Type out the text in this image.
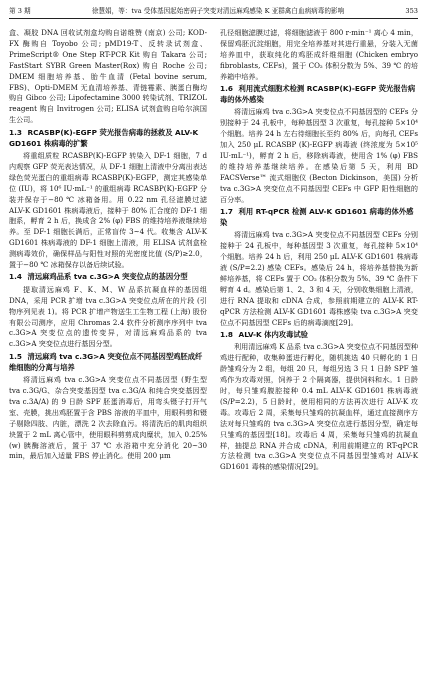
第 3 期	徐慧娟，等：tva 受体基因起始密码子突变对清远麻鸡感染 K 亚群禽白血病病毒的影响	353

盒、凝胶 DNA 回收试剂盒均购自诺维赞 (南京) 公司; KOD-FX 酶购自 Toyobo 公司; pMD19-T、反转录试剂盒、PrimeScript® One Step RT-PCR Kit 购自 Takara 公司; FastStart SYBR Green Master(Rox) 购自 Roche 公司; DMEM 细胞培养基、胎牛血清 (Fetal bovine serum, FBS)、Opti-DMEM 无血清培养基、青链霉素、胰蛋白酶均购自 Gibco 公司; Lipofectamine 3000 转染试剂、TRIZOL reagent 购自 Invitrogen 公司; ELISA 试剂盒购自哈尔滨国生公司。

1.3 RCASBP(K)-EGFP 荧光报告病毒的拯救及 ALV-K GD1601 株病毒的扩繁

将重组质粒 RCASBP(K)-EGFP 转染入 DF-1 细胞，7 d 内观察 GFP 荧光表达情况，从 DF-1 细胞上清液中分离出表达绿色荧光蛋白的重组病毒 RCASBP(K)-EGFP，测定其感染单位 (IU)，将 10⁶ IU·mL⁻¹ 的重组病毒 RCASBP(K)-EGFP 分装并保存于−80 ℃ 冰箱备用。用 0.22 nm 孔径滤膜过滤 ALV-K GD1601 株病毒液后，接种于 80% 汇合度的 DF-1 细胞系，孵育 2 h 后，换成含 2% (φ) FBS 的维持培养液继续培养。至 DF-1 细胞长满后，正常盲传 3~4 代。收集含 ALV-K GD1601 株病毒液的 DF-1 细胞上清液，用 ELISA 试剂盒检测病毒效价，确保样品与阳性对照的光密度比值 (S/P)≥2.0，置于−80 ℃ 冰箱保存以备后续试验。

1.4 清远麻鸡品系 tva c.3G>A 突变位点的基因分型

提取清远麻鸡 F、K、M、W 品系抗凝血样的基因组 DNA，采用 PCR 扩增 tva c.3G>A 突变位点所在的片段 (引物序列见表 1)。将 PCR 扩增产物送生工生物工程 (上海) 股份有限公司测序，应用 Chromas 2.4 软件分析测序序列中 tva c.3G>A 突变位点的遗传变异，对清远麻鸡品系的 tva c.3G>A 突变位点进行基因分型。

1.5 清远麻鸡 tva c.3G>A 突变位点不同基因型鸡胚成纤维细胞的分离与培养

将清远麻鸡 tva c.3G>A 突变位点不同基因型 (野生型 tva c.3G/G、杂合突变基因型 tva c.3G/A 和纯合突变基因型 tva c.3A/A) 的 9 日龄 SPF 胚蛋消毒后，用弯头镊子打开气室、壳膜，挑出鸡胚置于含 PBS 溶液的平皿中，用眼科剪和镊子剔除四肢、内脏，漂洗 2 次去除血污。将清洗后的肌肉组织块置于 2 mL 离心管中，使用眼科剪剪成肉糜状，加入 0.25%(w) 胰酶溶液后，置于 37 ℃ 水浴箱中充分消化 20~30 min，最后加入适量 FBS 停止消化。使用 200 μm

孔径细胞滤膜过滤，将细胞滤液于 800 r·min⁻¹ 离心 4 min，保留鸡胚沉淀细胞，用完全培养基对其进行重悬，分装入无菌培养皿中，获取纯化的鸡胚成纤维细胞 (Chicken embryo fibroblasts, CEFs)，置于 CO₂ 体积分数为 5%、39 ℃ 的培养箱中培养。

1.6 利用流式细胞术检测 RCASBP(K)-EGFP 荧光报告病毒的体外感染

将清远麻鸡 tva c.3G>A 突变位点不同基因型的 CEFs 分别接种于 24 孔板中，每种基因型 3 次重复，每孔接种 5×10⁴ 个细胞。培养 24 h 左右待细胞长至约 80% 后，向每孔 CEFs 加入 250 μL RCASBP (K)-EGFP 病毒液 (终浓度为 5×10⁵ IU·mL⁻¹)，孵育 2 h 后，移除病毒液，使用含 1% (φ) FBS 的维持培养基继续培养。在感染后第 5 天，利用 BD FACSVerse™ 流式细胞仪 (Becton Dickinson，美国) 分析 tva c.3G>A 突变位点不同基因型 CEFs 中 GFP 阳性细胞的百分率。

1.7 利用 RT-qPCR 检测 ALV-K GD1601 病毒的体外感染

将清远麻鸡 tva c.3G>A 突变位点不同基因型 CEFs 分别接种于 24 孔板中，每种基因型 3 次重复，每孔接种 5×10⁴ 个细胞。培养 24 h 后，利用 250 μL ALV-K GD1601 株病毒液 (S/P=2.2) 感染 CEFs。感染后 24 h，将培养基替换为新鲜培养基，将 CEFs 置于 CO₂ 体积分数为 5%、39 ℃ 条件下孵育 4 d。感染后第 1、2、3 和 4 天，分别收集细胞上清液，进行 RNA 提取和 cDNA 合成，参照前期建立的 ALV-K RT-qPCR 方法检测 ALV-K GD1601 毒株感染 tva c.3G>A 突变位点不同基因型 CEFs 后的病毒滴度[29]。

1.8 ALV-K 体内攻毒试验

利用清远麻鸡 K 品系 tva c.3G>A 突变位点不同基因型种鸡进行配种，收集种蛋进行孵化，随机挑选 40 只孵化的 1 日龄雏鸡分为 2 组，每组 20 只，每组另选 3 只 1 日龄 SPF 雏鸡作为攻毒对照，饲养于 2 个隔离器，提供饲料和水。1 日龄时，每只雏鸡腹腔接种 0.4 mL ALV-K GD1601 株病毒液 (S/P=2.2)，5 日龄时，使用相同的方法再次进行 ALV-K 攻毒。攻毒后 2 周，采集每只雏鸡的抗凝血样，通过直接测序方法对每只雏鸡的 tva c.3G>A 突变位点进行基因分型，确定每只雏鸡的基因型[18]。攻毒后 4 周，采集每只雏鸡的抗凝血样，抽提总 RNA 并合成 cDNA，利用前期建立的 RT-qPCR 方法检测 tva c.3G>A 突变位点不同基因型雏鸡对 ALV-K GD1601 毒株的感染情况[29]。
